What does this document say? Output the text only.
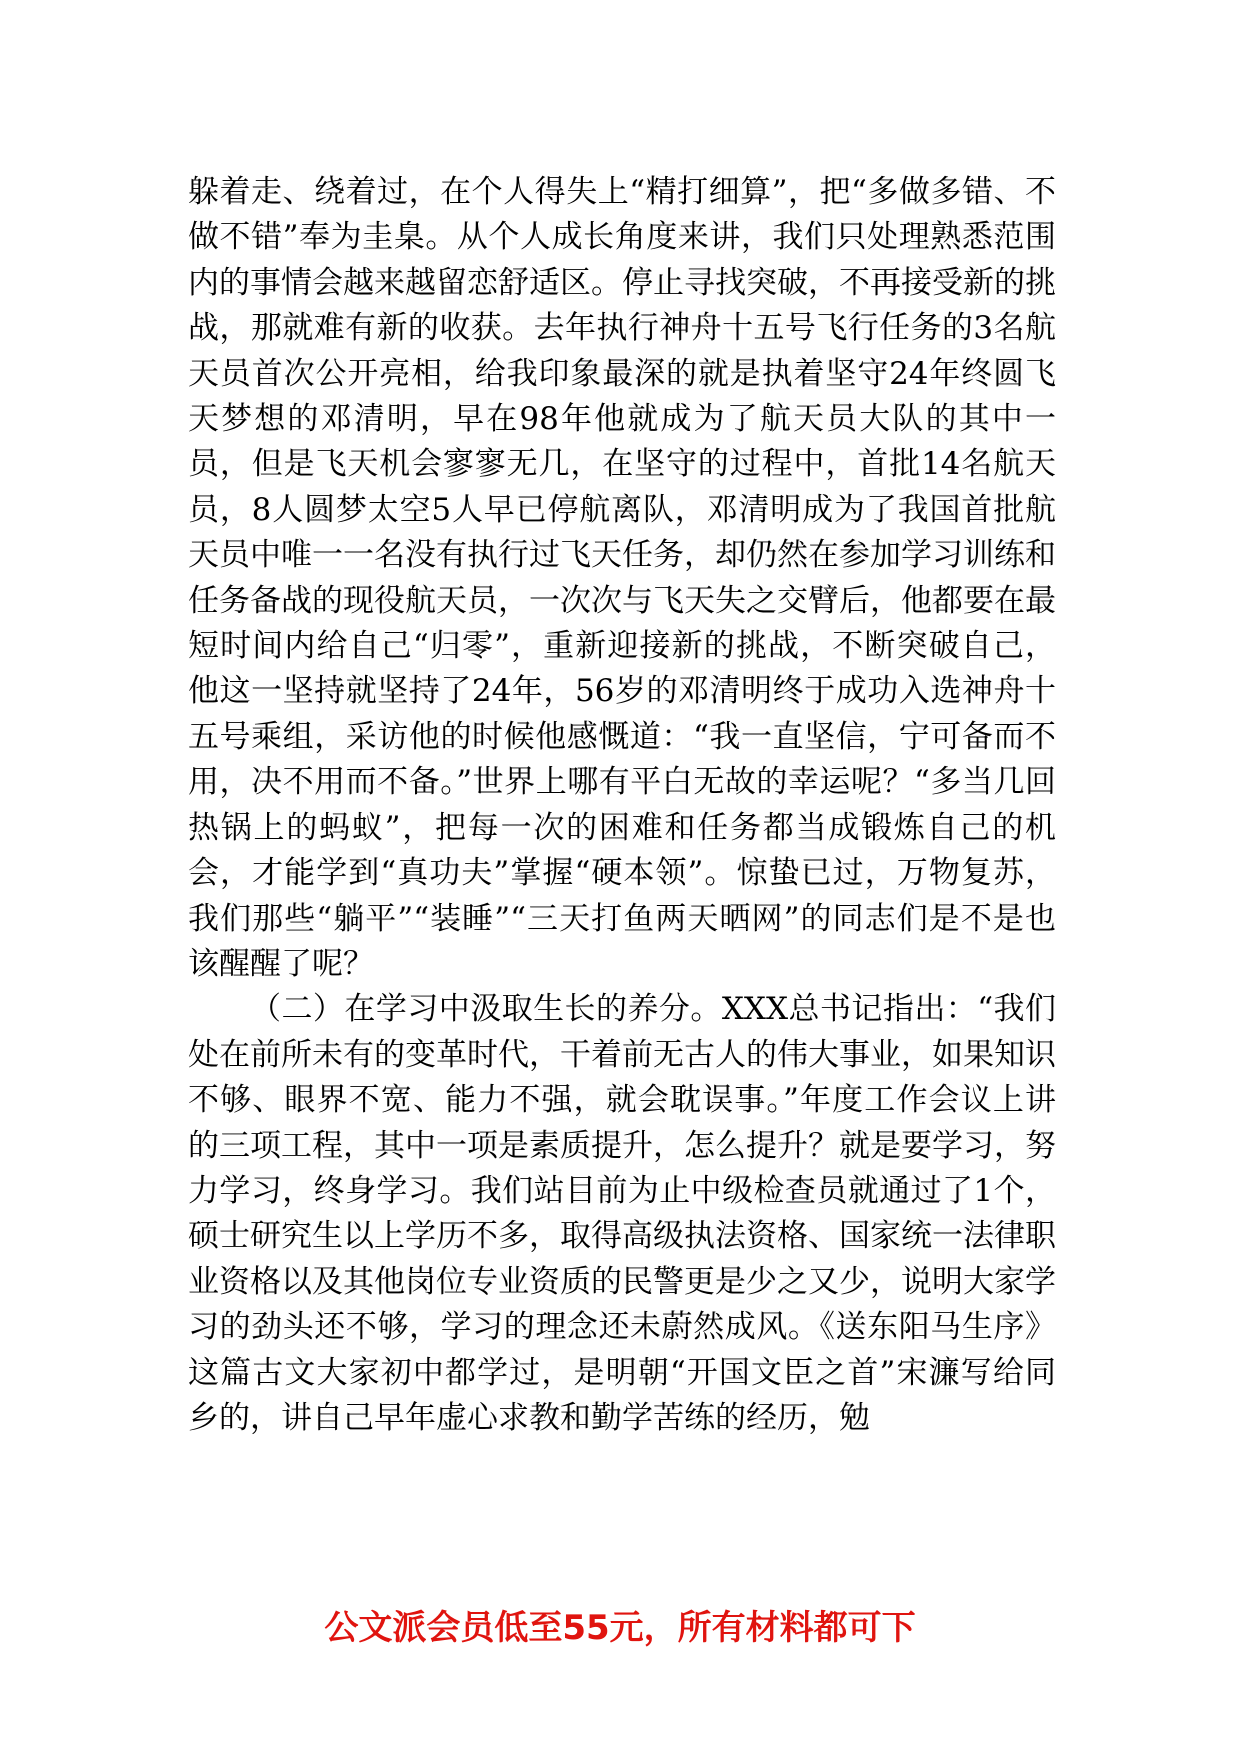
躲着走、绕着过，在个人得失上“精打细算”，把“多做多错、不做不错”奉为圭臬。从个人成长角度来讲，我们只处理熟悉范围内的事情会越来越留恋舒适区。停止寻找突破，不再接受新的挑战，那就难有新的收获。去年执行神舟十五号飞行任务的3名航天员首次公开亮相，给我印象最深的就是执着坚守24年终圆飞天梦想的邓清明，早在98年他就成为了航天员大队的其中一员，但是飞天机会寥寥无几，在坚守的过程中，首批14名航天员，8人圆梦太空5人早已停航离队，邓清明成为了我国首批航天员中唯一一名没有执行过飞天任务，却仍然在参加学习训练和任务备战的现役航天员，一次次与飞天失之交臂后，他都要在最短时间内给自己“归零”，重新迎接新的挑战，不断突破自己，他这一坚持就坚持了24年，56岁的邓清明终于成功入选神舟十五号乘组，采访他的时候他感慨道：“我一直坚信，宁可备而不用，决不用而不备。”世界上哪有平白无故的幸运呢？“多当几回热锅上的蚂蚁”，把每一次的困难和任务都当成锻炼自己的机会，才能学到“真功夫”掌握“硬本领”。惊蛰已过，万物复苏，我们那些“躺平”“装睡”“三天打鱼两天晒网”的同志们是不是也该醒醒了呢？

（二）在学习中汲取生长的养分。XXX总书记指出：“我们处在前所未有的变革时代，干着前无古人的伟大事业，如果知识不够、眼界不宽、能力不强，就会耽误事。”年度工作会议上讲的三项工程，其中一项是素质提升，怎么提升？就是要学习，努力学习，终身学习。我们站目前为止中级检查员就通过了1个，硕士研究生以上学历不多，取得高级执法资格、国家统一法律职业资格以及其他岗位专业资质的民警更是少之又少，说明大家学习的劲头还不够，学习的理念还未蔚然成风。《送东阳马生序》这篇古文大家初中都学过，是明朝“开国文臣之首”宋濂写给同乡的，讲自己早年虚心求教和勤学苦练的经历，勉

公文派会员低至55元，所有材料都可下
